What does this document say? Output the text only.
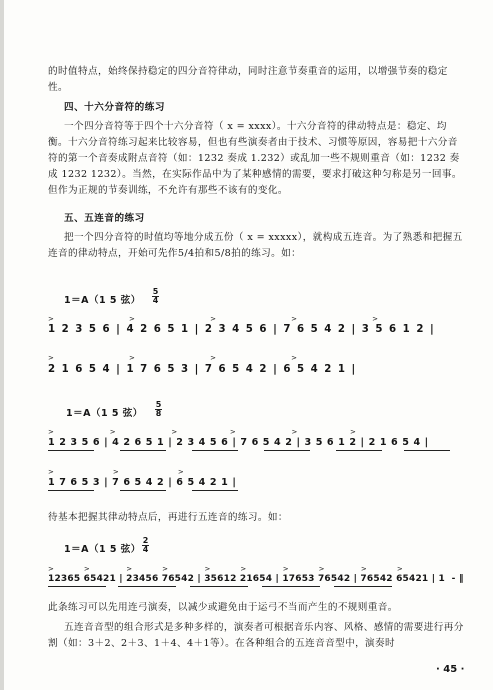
的时值特点，始终保持稳定的四分音符律动，同时注意节奏重音的运用，以增强节奏的稳定性。
四、十六分音符的练习
一个四分音符等于四个十六分音符（ x = xxxx）。十六分音符的律动特点是：稳定、均衡。十六分音符练习起来比较容易，但也有些演奏者由于技术、习惯等原因，容易把十六分音符的第一个音奏成附点音符（如：1232 奏成 1.232）或乱加一些不规则重音（如：1232 奏成 1232 1232）。当然，在实际作品中为了某种感情的需要，要求打破这种匀称是另一回事。但作为正规的节奏训练，不允许有那些不该有的变化。
五、五连音的练习
把一个四分音符的时值均等地分成五份（ x = xxxxx），就构成五连音。为了熟悉和把握五连音的律动特点，开始可先作5/4拍和5/8拍的练习。如：
1＝A（1 5 弦）
5
4
>                       >                       >                       >                       >
1 2 3 5 6 | 4 2 6 5 1 | 2 3 4 5 6 | 7 6 5 4 2 | 3 5 6 1 2 |
>                       >                       >                       >
2 1 6 5 4 | 1 7 6 5 3 | 7 6 5 4 2 | 6 5 4 2 1 |
1＝A（1 5 弦）
5
8
>                 >                 >                >                 >                >
1 2 3 5 6 | 4 2 6 5 1 | 2 3 4 5 6 | 7 6 5 4 2 | 3 5 6 1 2 | 2 1 6 5 4 |
>                  >                  >
1 7 6 5 3 | 7 6 5 4 2 | 6 5 4 2 1 |
待基本把握其律动特点后，再进行五连音的练习。如：
1＝A（1 5 弦）
2
4
>         >           >         >           >         >           >         >           >         >
12365 65421 | 23456 76542 | 35612 21654 | 17653 76542 | 76542 65421 | 1  - ‖
此条练习可以先用连弓演奏，以减少或避免由于运弓不当而产生的不规则重音。
五连音音型的组合形式是多种多样的，演奏者可根据音乐内容、风格、感情的需要进行再分割（如：3＋2、2＋3、1＋4、4＋1等）。在各种组合的五连音音型中，演奏时
· 45 ·
